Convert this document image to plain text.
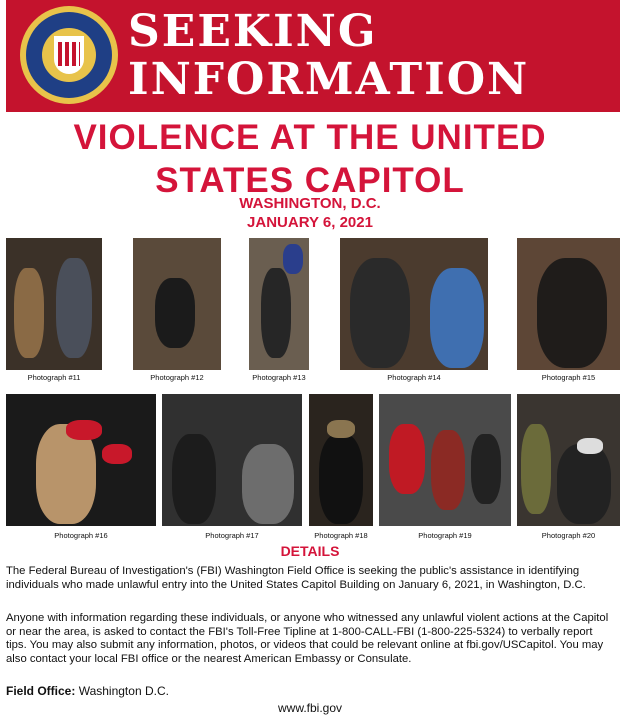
SEEKING
INFORMATION
VIOLENCE AT THE UNITED
STATES CAPITOL
WASHINGTON, D.C.
JANUARY 6, 2021
Photograph #11	Photograph #12	Photograph #13	Photograph #14	Photograph #15
Photograph #16	Photograph #17	Photograph #18	Photograph #19	Photograph #20
DETAILS
The Federal Bureau of Investigation's (FBI) Washington Field Office is seeking the public's assistance in identifying individuals who made unlawful entry into the United States Capitol Building on January 6, 2021, in Washington, D.C.
Anyone with information regarding these individuals, or anyone who witnessed any unlawful violent actions at the Capitol or near the area, is asked to contact the FBI's Toll-Free Tipline at 1-800-CALL-FBI (1-800-225-5324) to verbally report tips. You may also submit any information, photos, or videos that could be relevant online at fbi.gov/USCapitol. You may also contact your local FBI office or the nearest American Embassy or Consulate.
Field Office: Washington D.C.
www.fbi.gov
